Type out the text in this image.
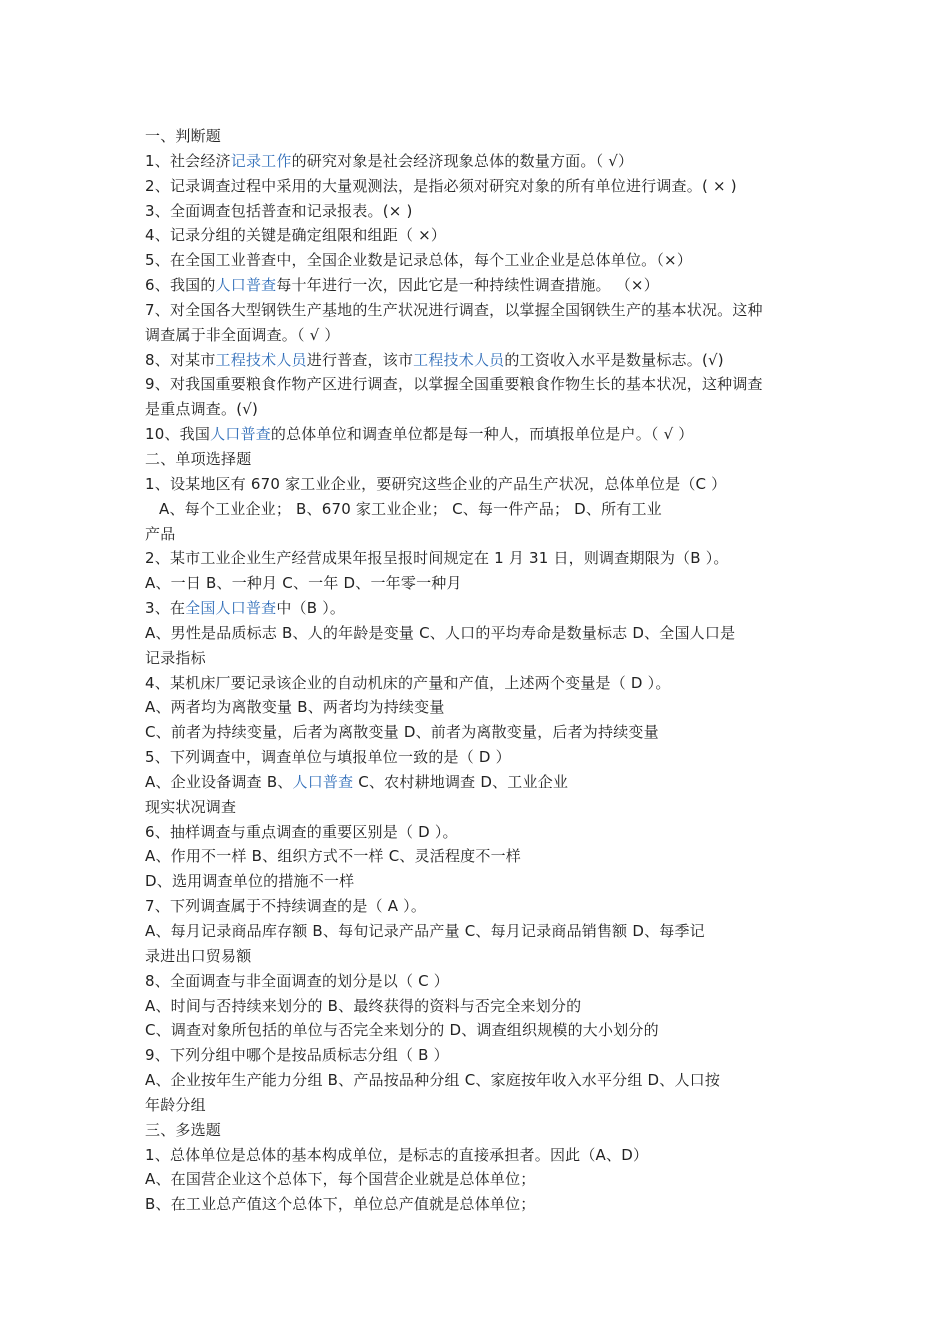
一、判断题
1、社会经济记录工作的研究对象是社会经济现象总体的数量方面。（ √）
2、记录调查过程中采用的大量观测法，是指必须对研究对象的所有单位进行调查。( × )
3、全面调查包括普查和记录报表。(× )
4、记录分组的关键是确定组限和组距（ ×）
5、在全国工业普查中，全国企业数是记录总体，每个工业企业是总体单位。（×）
6、我国的人口普查每十年进行一次，因此它是一种持续性调查措施。 （×）
7、对全国各大型钢铁生产基地的生产状况进行调查，以掌握全国钢铁生产的基本状况。这种
调查属于非全面调查。（ √ ）
8、对某市工程技术人员进行普查，该市工程技术人员的工资收入水平是数量标志。(√)
9、对我国重要粮食作物产区进行调查，以掌握全国重要粮食作物生长的基本状况，这种调查
是重点调查。(√)
10、我国人口普查的总体单位和调查单位都是每一种人，而填报单位是户。（ √ ）
二、单项选择题
1、设某地区有 670 家工业企业，要研究这些企业的产品生产状况，总体单位是（C ）
A、每个工业企业； B、670 家工业企业； C、每一件产品； D、所有工业
产品
2、某市工业企业生产经营成果年报呈报时间规定在 1 月 31 日，则调查期限为（B ）。
A、一日 B、一种月 C、一年 D、一年零一种月
3、在全国人口普查中（B ）。
A、男性是品质标志 B、人的年龄是变量 C、人口的平均寿命是数量标志 D、全国人口是
记录指标
4、某机床厂要记录该企业的自动机床的产量和产值，上述两个变量是（ D ）。
A、两者均为离散变量 B、两者均为持续变量
C、前者为持续变量，后者为离散变量 D、前者为离散变量，后者为持续变量
5、下列调查中，调查单位与填报单位一致的是（ D ）
A、企业设备调查 B、人口普查 C、农村耕地调查 D、工业企业
现实状况调查
6、抽样调查与重点调查的重要区别是（ D ）。
A、作用不一样 B、组织方式不一样 C、灵活程度不一样
D、选用调查单位的措施不一样
7、下列调查属于不持续调查的是（ A ）。
A、每月记录商品库存额 B、每旬记录产品产量 C、每月记录商品销售额 D、每季记
录进出口贸易额
8、全面调查与非全面调查的划分是以（ C ）
A、时间与否持续来划分的 B、最终获得的资料与否完全来划分的
C、调查对象所包括的单位与否完全来划分的 D、调查组织规模的大小划分的
9、下列分组中哪个是按品质标志分组（ B ）
A、企业按年生产能力分组 B、产品按品种分组 C、家庭按年收入水平分组 D、人口按
年龄分组
三、多选题
1、总体单位是总体的基本构成单位，是标志的直接承担者。因此（A、D）
A、在国营企业这个总体下，每个国营企业就是总体单位；
B、在工业总产值这个总体下，单位总产值就是总体单位；
